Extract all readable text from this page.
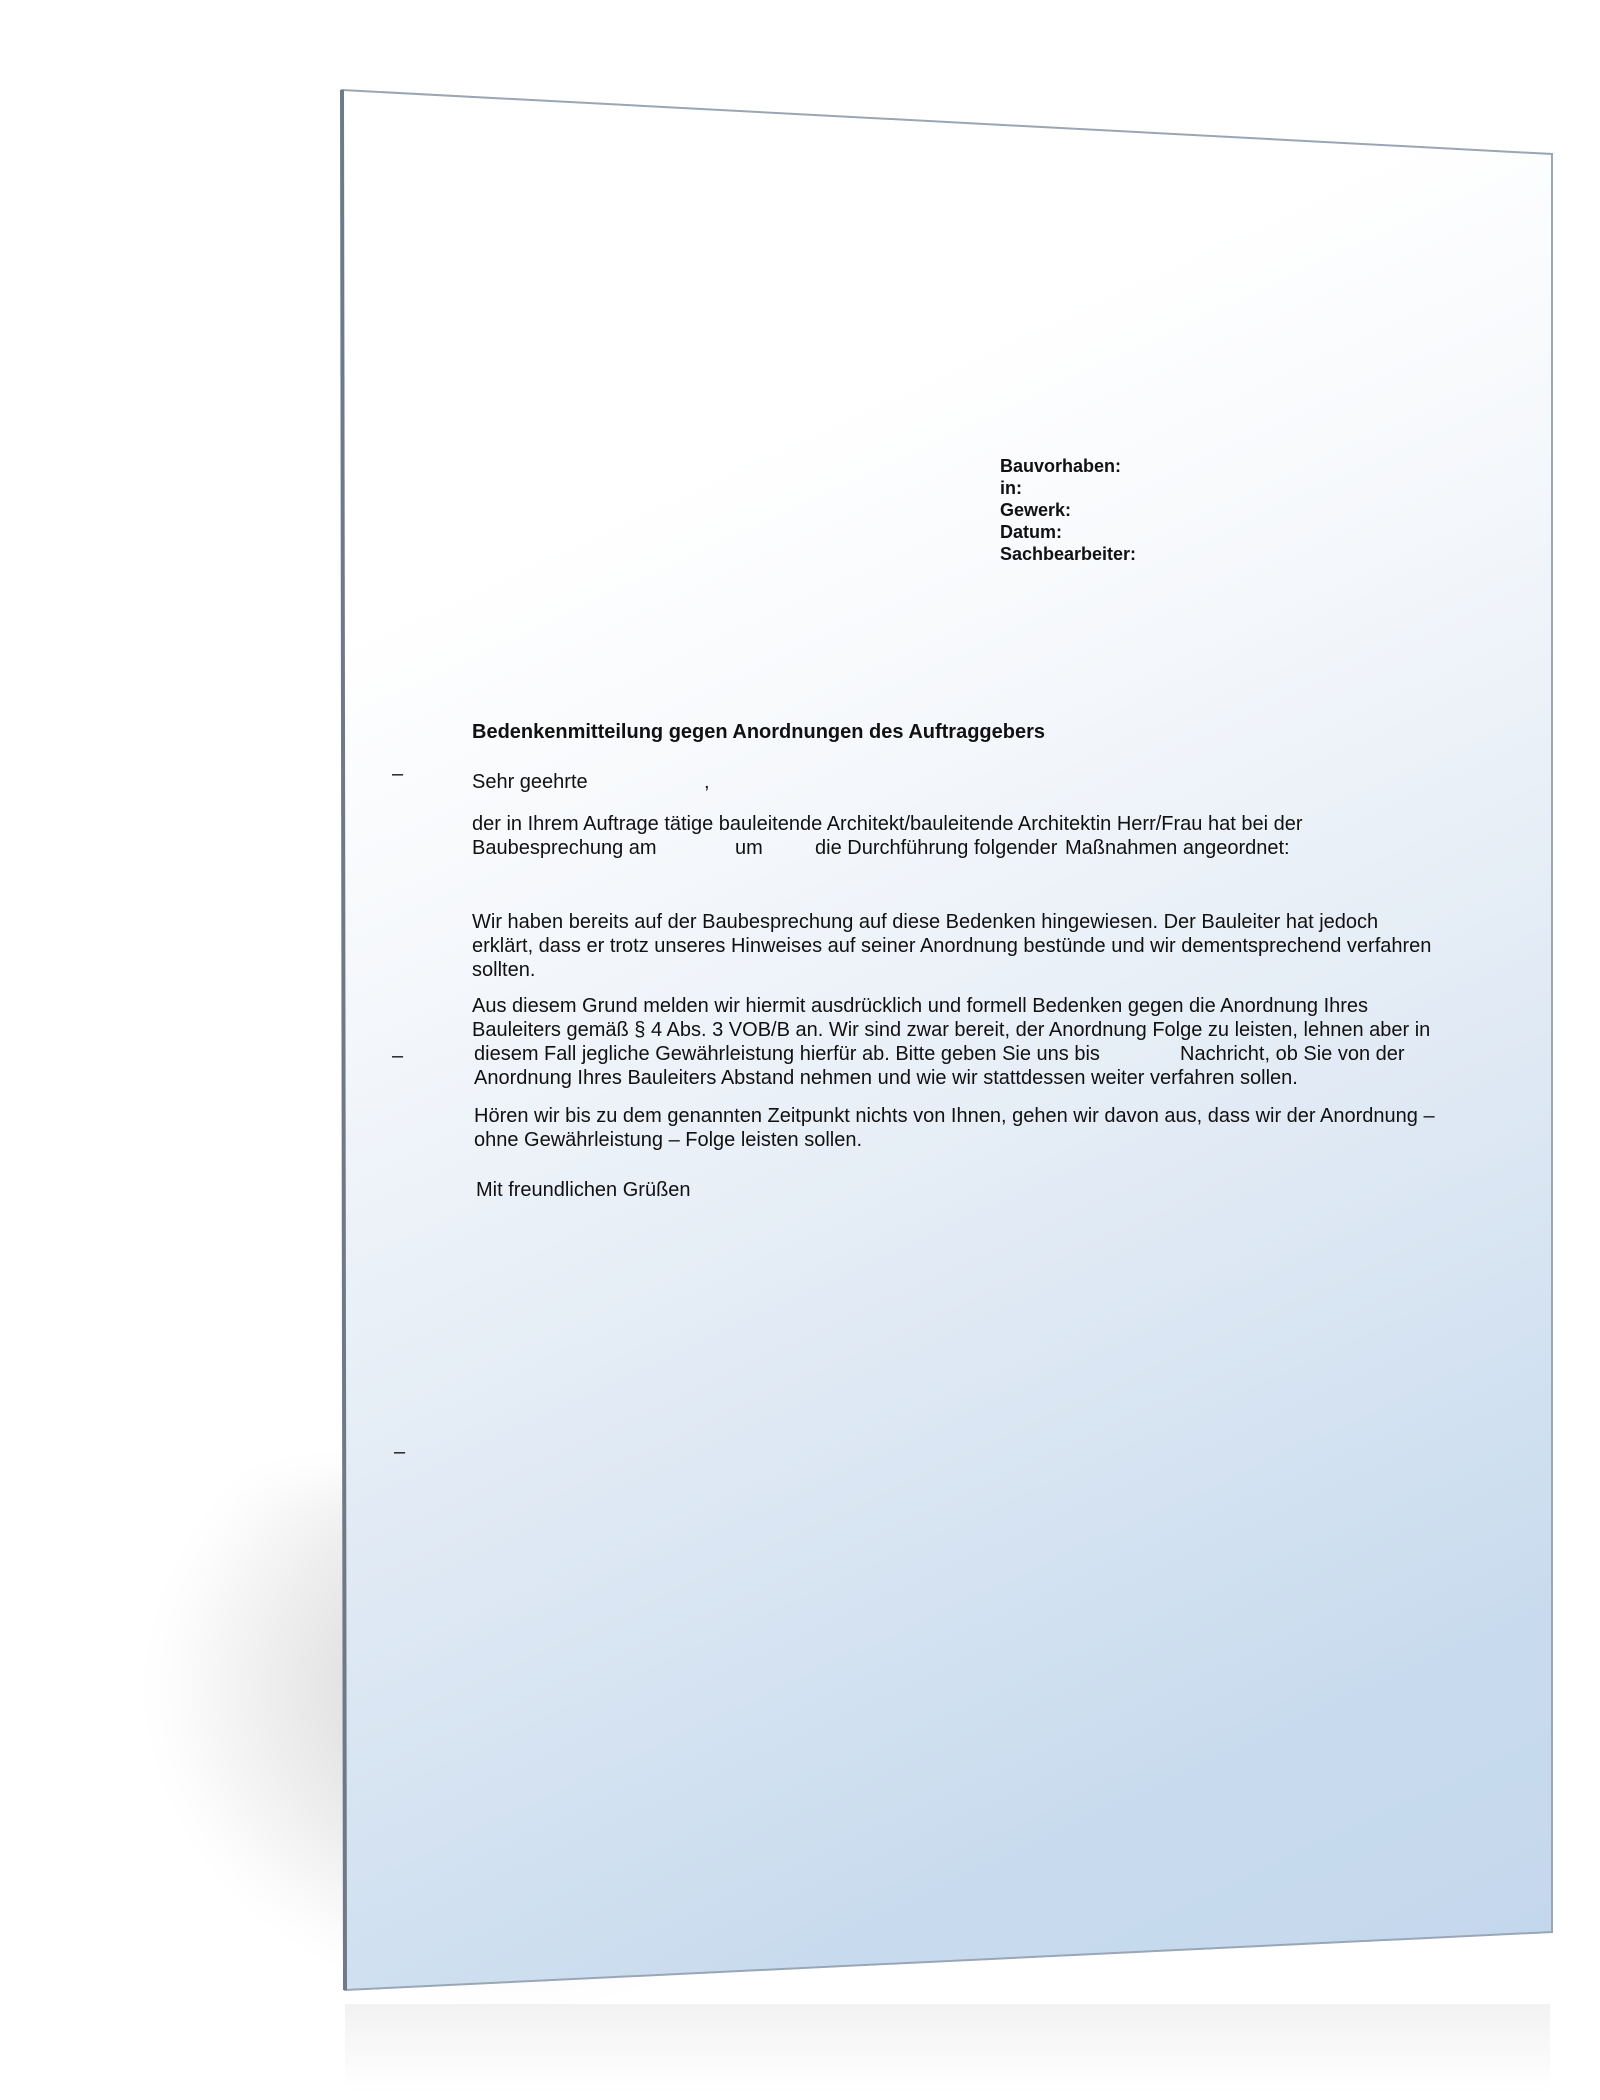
Bauvorhaben:
in:
Gewerk:
Datum:
Sachbearbeiter:
Bedenkenmitteilung gegen Anordnungen des Auftraggebers
–
–
–
Sehr geehrte	,
der in Ihrem Auftrage tätige bauleitende Architekt/bauleitende Architektin Herr/Frau hat bei der
Baubesprechung am	um	die Durchführung folgender Maßnahmen angeordnet:
Wir haben bereits auf der Baubesprechung auf diese Bedenken hingewiesen. Der Bauleiter hat jedoch
erklärt, dass er trotz unseres Hinweises auf seiner Anordnung bestünde und wir dementsprechend verfahren
sollten.
Aus diesem Grund melden wir hiermit ausdrücklich und formell Bedenken gegen die Anordnung Ihres
Bauleiters gemäß § 4 Abs. 3 VOB/B an. Wir sind zwar bereit, der Anordnung Folge zu leisten, lehnen aber in
diesem Fall jegliche Gewährleistung hierfür ab. Bitte geben Sie uns bis	Nachricht, ob Sie von der
Anordnung Ihres Bauleiters Abstand nehmen und wie wir stattdessen weiter verfahren sollen.
Hören wir bis zu dem genannten Zeitpunkt nichts von Ihnen, gehen wir davon aus, dass wir der Anordnung –
ohne Gewährleistung – Folge leisten sollen.
Mit freundlichen Grüßen
